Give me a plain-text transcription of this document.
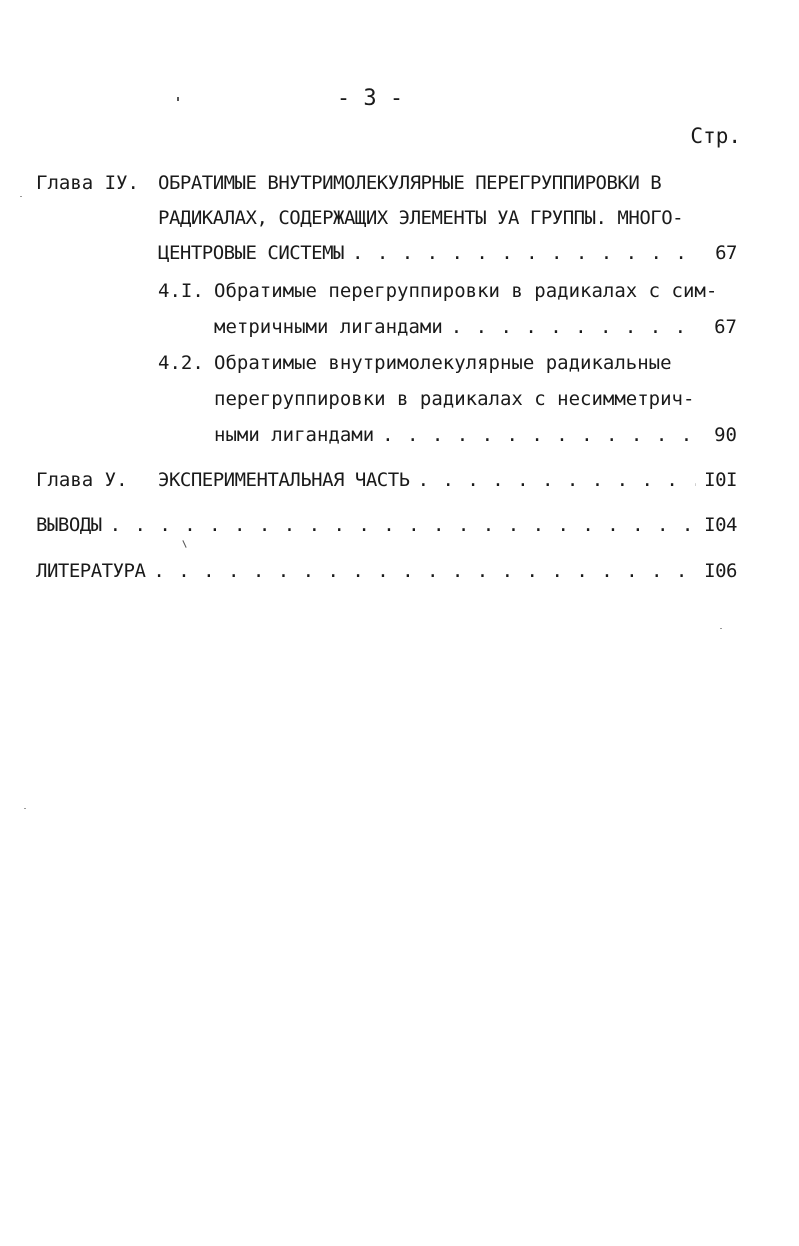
- 3 -
Стр.
Глава IУ. ОБРАТИМЫЕ ВНУТРИМОЛЕКУЛЯРНЫЕ ПЕРЕГРУППИРОВКИ В
РАДИКАЛАХ, СОДЕРЖАЩИХ ЭЛЕМЕНТЫ УА ГРУППЫ. МНОГО-
ЦЕНТРОВЫЕ СИСТЕМЫ . . .	67
4.I. Обратимые перегруппировки в радикалах с сим-
метричными лигандами . . .	67
4.2. Обратимые внутримолекулярные радикальные
перегруппировки в радикалах с несимметрич-
ными лигандами . . .	90
Глава У. ЭКСПЕРИМЕНТАЛЬНАЯ ЧАСТЬ . . .	I0I
ВЫВОДЫ . . .	I04
ЛИТЕРАТУРА . . .	I06
